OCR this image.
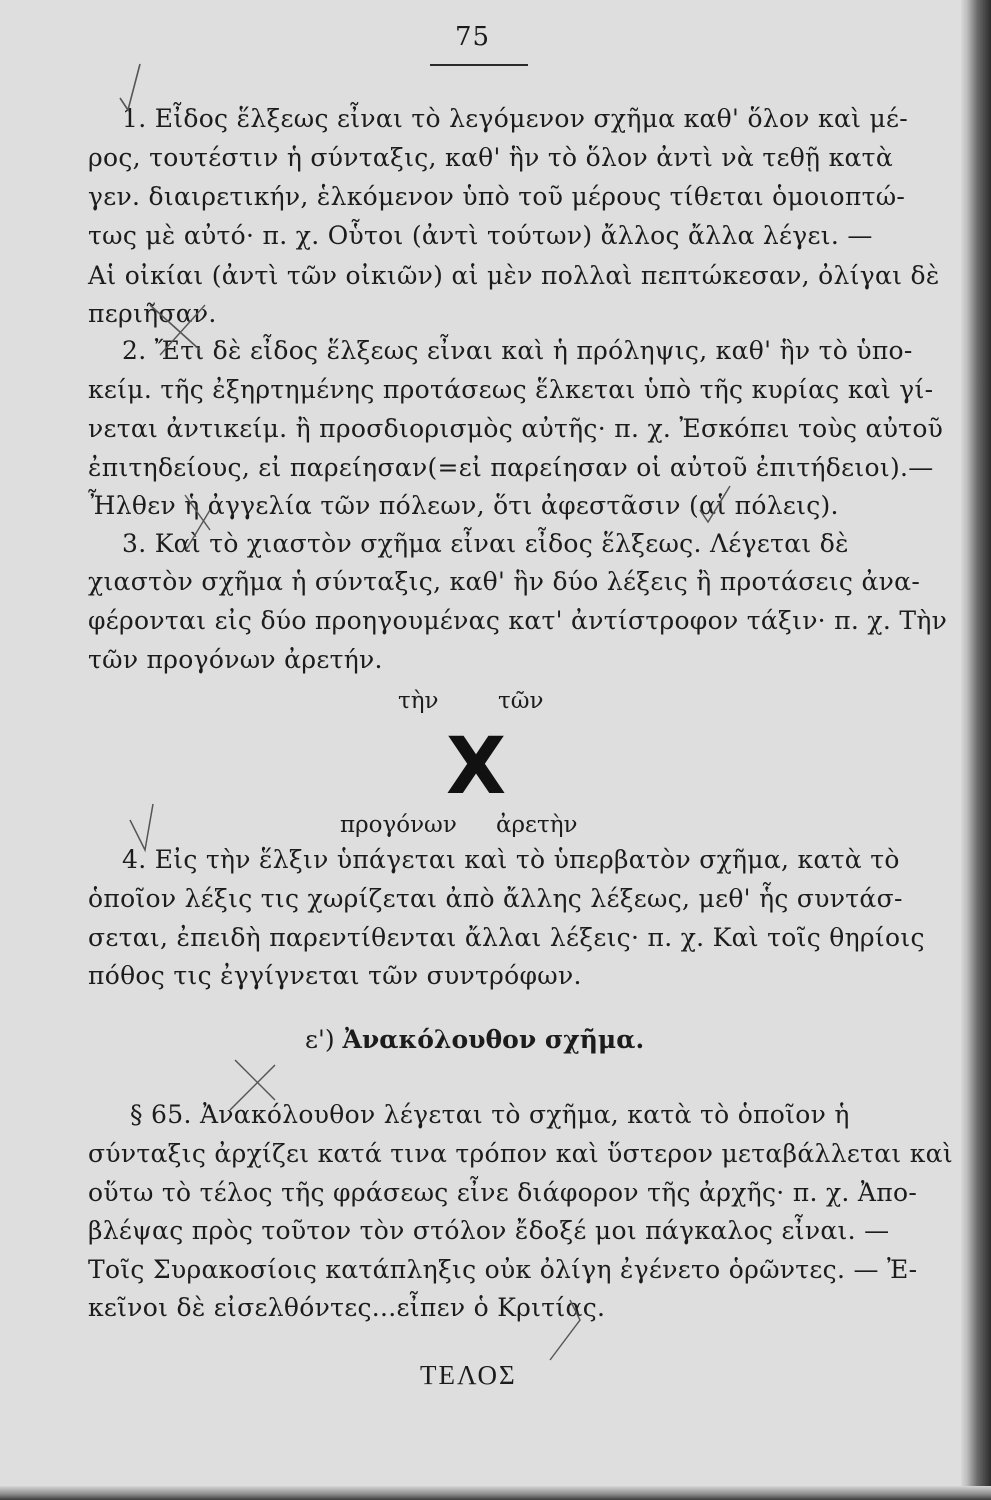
75
1. Εἶδος ἕλξεως εἶναι τὸ λεγόμενον σχῆμα καθ' ὅλον καὶ μέ-
ρος, τουτέστιν ἡ σύνταξις, καθ' ἣν τὸ ὅλον ἀντὶ νὰ τεθῇ κατὰ
γεν. διαιρετικήν, ἑλκόμενον ὑπὸ τοῦ μέρους τίθεται ὁμοιοπτώ-
τως μὲ αὐτό· π. χ. Οὗτοι (ἀντὶ τούτων) ἄλλος ἄλλα λέγει. —
Αἱ οἰκίαι (ἀντὶ τῶν οἰκιῶν) αἱ μὲν πολλαὶ πεπτώκεσαν, ὀλίγαι δὲ
περιῆσαν.
2. Ἔτι δὲ εἶδος ἕλξεως εἶναι καὶ ἡ πρόληψις, καθ' ἣν τὸ ὑπο-
κείμ. τῆς ἐξηρτημένης προτάσεως ἕλκεται ὑπὸ τῆς κυρίας καὶ γί-
νεται ἀντικείμ. ἢ προσδιορισμὸς αὐτῆς· π. χ. Ἐσκόπει τοὺς αὐτοῦ
ἐπιτηδείους, εἰ παρείησαν(=εἰ παρείησαν οἱ αὐτοῦ ἐπιτήδειοι).—
Ἦλθεν ἡ ἀγγελία τῶν πόλεων, ὅτι ἀφεστᾶσιν (αἱ πόλεις).
3. Καὶ τὸ χιαστὸν σχῆμα εἶναι εἶδος ἕλξεως. Λέγεται δὲ
χιαστὸν σχῆμα ἡ σύνταξις, καθ' ἣν δύο λέξεις ἢ προτάσεις ἀνα-
φέρονται εἰς δύο προηγουμένας κατ' ἀντίστροφον τάξιν· π. χ. Τὴν
τῶν προγόνων ἀρετήν.
τὴν	τῶν
X
προγόνων ἀρετὴν
4. Εἰς τὴν ἕλξιν ὑπάγεται καὶ τὸ ὑπερβατὸν σχῆμα, κατὰ τὸ
ὁποῖον λέξις τις χωρίζεται ἀπὸ ἄλλης λέξεως, μεθ' ἧς συντάσ-
σεται, ἐπειδὴ παρεντίθενται ἄλλαι λέξεις· π. χ. Καὶ τοῖς θηρίοις
πόθος τις ἐγγίγνεται τῶν συντρόφων.
ε') Ἀνακόλουθον σχῆμα.
§ 65. Ἀνακόλουθον λέγεται τὸ σχῆμα, κατὰ τὸ ὁποῖον ἡ
σύνταξις ἀρχίζει κατά τινα τρόπον καὶ ὕστερον μεταβάλλεται καὶ
οὕτω τὸ τέλος τῆς φράσεως εἶνε διάφορον τῆς ἀρχῆς· π. χ. Ἀπο-
βλέψας πρὸς τοῦτον τὸν στόλον ἔδοξέ μοι πάγκαλος εἶναι. —
Τοῖς Συρακοσίοις κατάπληξις οὐκ ὀλίγη ἐγένετο ὁρῶντες. — Ἐ-
κεῖνοι δὲ εἰσελθόντες...εἶπεν ὁ Κριτίας.
ΤΕΛΟΣ
